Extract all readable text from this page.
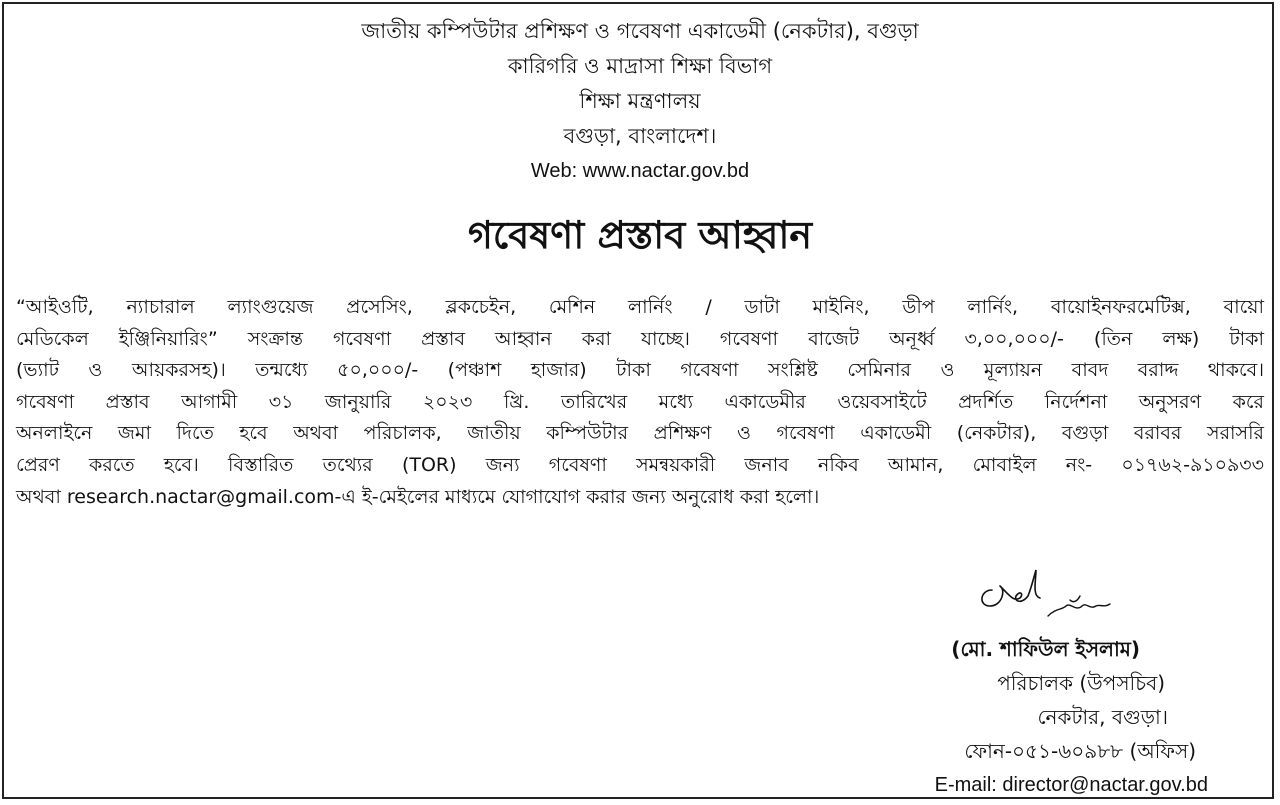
জাতীয় কম্পিউটার প্রশিক্ষণ ও গবেষণা একাডেমী (নেকটার), বগুড়া
কারিগরি ও মাদ্রাসা শিক্ষা বিভাগ
শিক্ষা মন্ত্রণালয়
বগুড়া, বাংলাদেশ।
Web: www.nactar.gov.bd
গবেষণা প্রস্তাব আহ্বান
“আইওটি, ন্যাচারাল ল্যাংগুয়েজ প্রসেসিং, ব্লকচেইন, মেশিন লার্নিং / ডাটা মাইনিং, ডীপ লার্নিং, বায়োইনফরমেটিক্স, বায়ো
মেডিকেল ইঞ্জিনিয়ারিং” সংক্রান্ত গবেষণা প্রস্তাব আহ্বান করা যাচ্ছে। গবেষণা বাজেট অনূর্ধ্ব ৩,০০,০০০/- (তিন লক্ষ) টাকা
(ভ্যাট ও আয়করসহ)। তন্মধ্যে ৫০,০০০/- (পঞ্চাশ হাজার) টাকা গবেষণা সংশ্লিষ্ট সেমিনার ও মূল্যায়ন বাবদ বরাদ্দ থাকবে।
গবেষণা প্রস্তাব আগামী ৩১ জানুয়ারি ২০২৩ খ্রি. তারিখের মধ্যে একাডেমীর ওয়েবসাইটে প্রদর্শিত নির্দেশনা অনুসরণ করে
অনলাইনে জমা দিতে হবে অথবা পরিচালক, জাতীয় কম্পিউটার প্রশিক্ষণ ও গবেষণা একাডেমী (নেকটার), বগুড়া বরাবর সরাসরি
প্রেরণ করতে হবে। বিস্তারিত তথ্যের (TOR) জন্য গবেষণা সমন্বয়কারী জনাব নকিব আমান, মোবাইল নং- ০১৭৬২-৯১০৯৩৩
অথবা research.nactar@gmail.com-এ ই-মেইলের মাধ্যমে যোগাযোগ করার জন্য অনুরোধ করা হলো।
(মো. শাফিউল ইসলাম)
পরিচালক (উপসচিব)
নেকটার, বগুড়া।
ফোন-০৫১-৬০৯৮৮ (অফিস)
E-mail: director@nactar.gov.bd
